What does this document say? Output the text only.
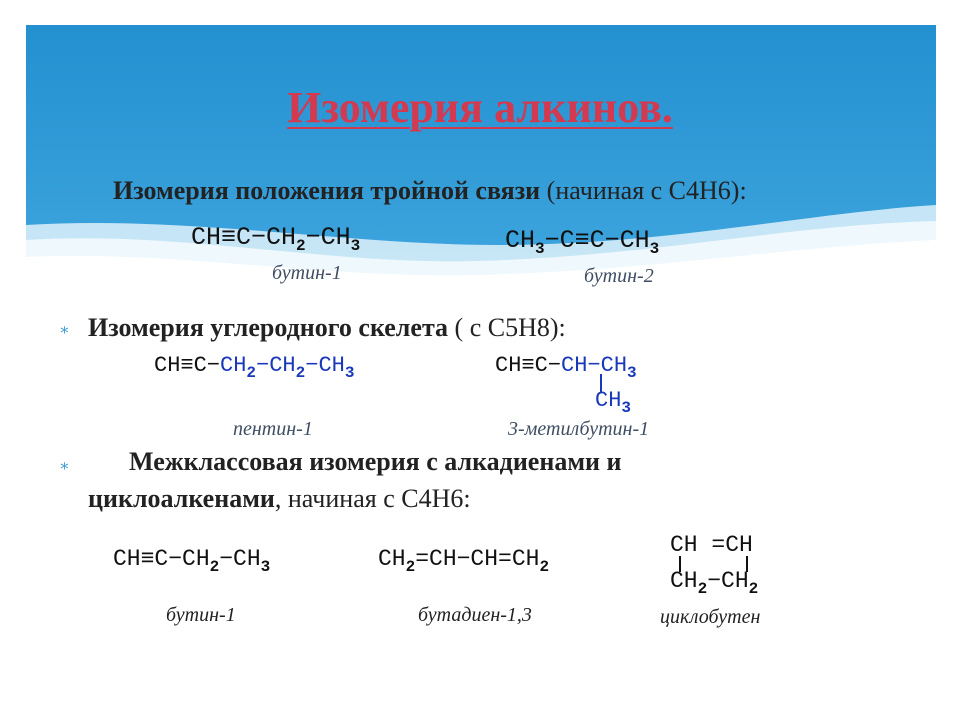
Изомерия алкинов.
∗ Изомерия положения тройной связи (начиная с С4Н6):
$CH\equiv C-CH_2-CH_3$
бутин-1
$CH_3-C\equiv C-CH_3$
бутин-2
∗ Изомерия углеродного скелета ( с С5Н8):
$CH\equiv C-CH_2-CH_2-CH_3$
пентин-1
$CH\equiv C-CH-CH_3$
$CH_3$
3-метилбутин-1
∗ Межклассовая изомерия с алкадиенами и
циклоалкенами, начиная с С4Н6:
$CH\equiv C-CH_2-CH_3$
бутин-1
$CH_2=CH-CH=CH_2$
бутадиен-1,3
CH =CH
$CH_2-CH_2$
циклобутен
